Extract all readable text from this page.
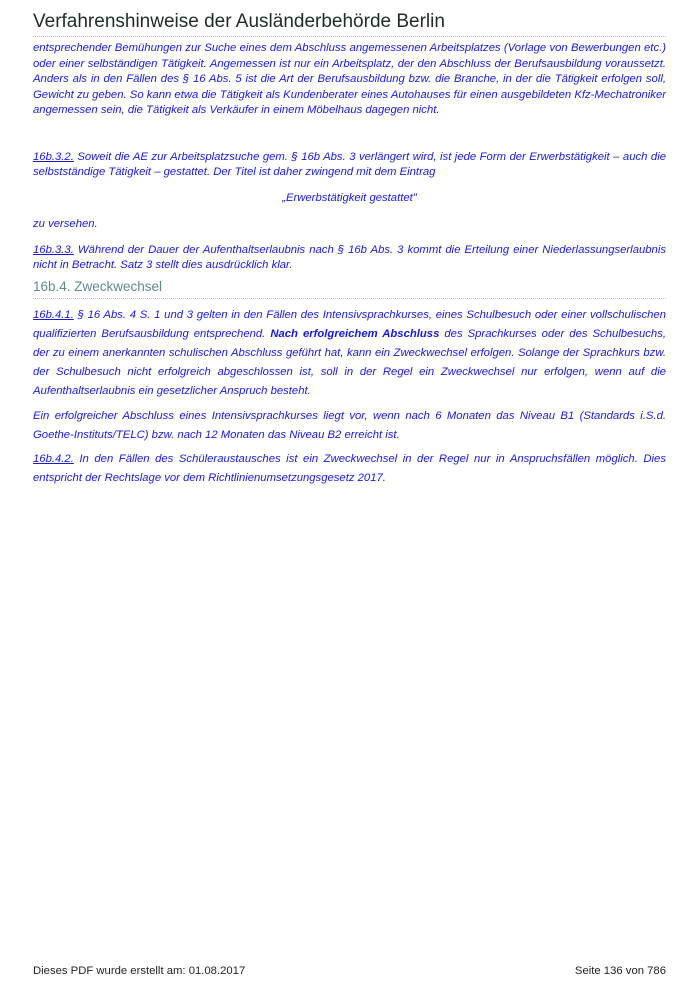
Verfahrenshinweise der Ausländerbehörde Berlin

entsprechender Bemühungen zur Suche eines dem Abschluss angemessenen Arbeitsplatzes (Vorlage von Bewerbungen etc.) oder einer selbständigen Tätigkeit. Angemessen ist nur ein Arbeitsplatz, der den Abschluss der Berufsausbildung voraussetzt. Anders als in den Fällen des § 16 Abs. 5 ist die Art der Berufsausbildung bzw. die Branche, in der die Tätigkeit erfolgen soll, Gewicht zu geben. So kann etwa die Tätigkeit als Kundenberater eines Autohauses für einen ausgebildeten Kfz-Mechatroniker angemessen sein, die Tätigkeit als Verkäufer in einem Möbelhaus dagegen nicht.

16b.3.2. Soweit die AE zur Arbeitsplatzsuche gem. § 16b Abs. 3 verlängert wird, ist jede Form der Erwerbstätigkeit – auch die selbstständige Tätigkeit – gestattet. Der Titel ist daher zwingend mit dem Eintrag

„Erwerbstätigkeit gestattet"

zu versehen.

16b.3.3. Während der Dauer der Aufenthaltserlaubnis nach § 16b Abs. 3 kommt die Erteilung einer Niederlassungserlaubnis nicht in Betracht. Satz 3 stellt dies ausdrücklich klar.

16b.4. Zweckwechsel

16b.4.1. § 16 Abs. 4 S. 1 und 3 gelten in den Fällen des Intensivsprachkurses, eines Schulbesuch oder einer vollschulischen qualifizierten Berufsausbildung entsprechend. Nach erfolgreichem Abschluss des Sprachkurses oder des Schulbesuchs, der zu einem anerkannten schulischen Abschluss geführt hat, kann ein Zweckwechsel erfolgen. Solange der Sprachkurs bzw. der Schulbesuch nicht erfolgreich abgeschlossen ist, soll in der Regel ein Zweckwechsel nur erfolgen, wenn auf die Aufenthaltserlaubnis ein gesetzlicher Anspruch besteht.

Ein erfolgreicher Abschluss eines Intensivsprachkurses liegt vor, wenn nach 6 Monaten das Niveau B1 (Standards i.S.d. Goethe-Instituts/TELC) bzw. nach 12 Monaten das Niveau B2 erreicht ist.

16b.4.2. In den Fällen des Schüleraustausches ist ein Zweckwechsel in der Regel nur in Anspruchsfällen möglich. Dies entspricht der Rechtslage vor dem Richtlinienumsetzungsgesetz 2017.

Dieses PDF wurde erstellt am: 01.08.2017	Seite 136 von 786
